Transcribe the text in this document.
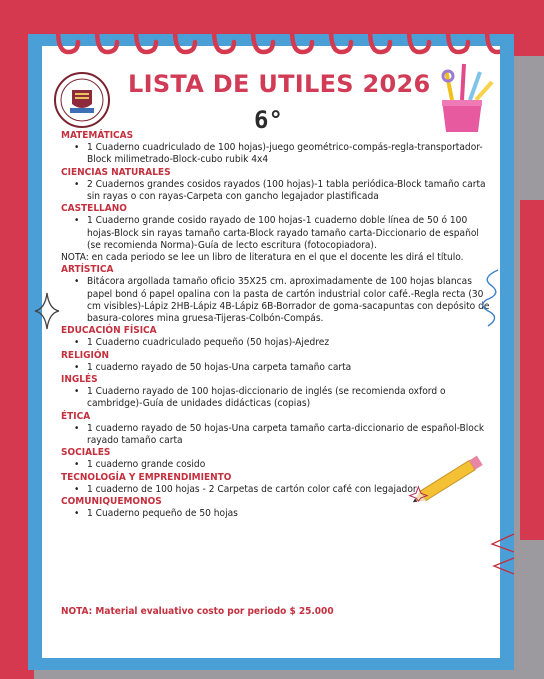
LISTA DE UTILES 2026
6°

MATEMÁTICAS

• 1 Cuaderno cuadriculado de 100 hojas)-juego geométrico-compás-regla-transportador-Block milimetrado-Block-cubo rubik 4x4

CIENCIAS NATURALES

• 2 Cuadernos grandes cosidos rayados (100 hojas)-1 tabla periódica-Block tamaño carta sin rayas o con rayas-Carpeta con gancho legajador plastificada

CASTELLANO

• 1 Cuaderno grande cosido rayado de 100 hojas-1 cuaderno doble línea de 50 ó 100 hojas-Block sin rayas tamaño carta-Block rayado tamaño carta-Diccionario de español (se recomienda Norma)-Guía de lecto escritura (fotocopiadora).

NOTA: en cada periodo se lee un libro de literatura en el que el docente les dirá el título.

ARTÍSTICA

• Bitácora argollada tamaño oficio 35X25 cm. aproximadamente de 100 hojas blancas papel bond ó papel opalina con la pasta de cartón industrial color café.-Regla recta (30 cm visibles)-Lápiz 2HB-Lápiz 4B-Lápiz 6B-Borrador de goma-sacapuntas con depósito de basura-colores mina gruesa-Tijeras-Colbón-Compás.

EDUCACIÓN FÍSICA

• 1 Cuaderno cuadriculado pequeño (50 hojas)-Ajedrez

RELIGIÓN

• 1 cuaderno rayado de 50 hojas-Una carpeta tamaño carta

INGLÉS

• 1 Cuaderno rayado de 100 hojas-diccionario de inglés (se recomienda oxford o cambridge)-Guía de unidades didácticas (copias)

ÉTICA

• 1 cuaderno rayado de 50 hojas-Una carpeta tamaño carta-diccionario de español-Block rayado tamaño carta

SOCIALES

• 1 cuaderno grande cosido

TECNOLOGÍA Y EMPRENDIMIENTO

• 1 cuaderno de 100 hojas - 2 Carpetas de cartón color café con legajador

COMUNIQUEMONOS

• 1 Cuaderno pequeño de 50 hojas

NOTA: Material evaluativo costo por periodo $ 25.000
